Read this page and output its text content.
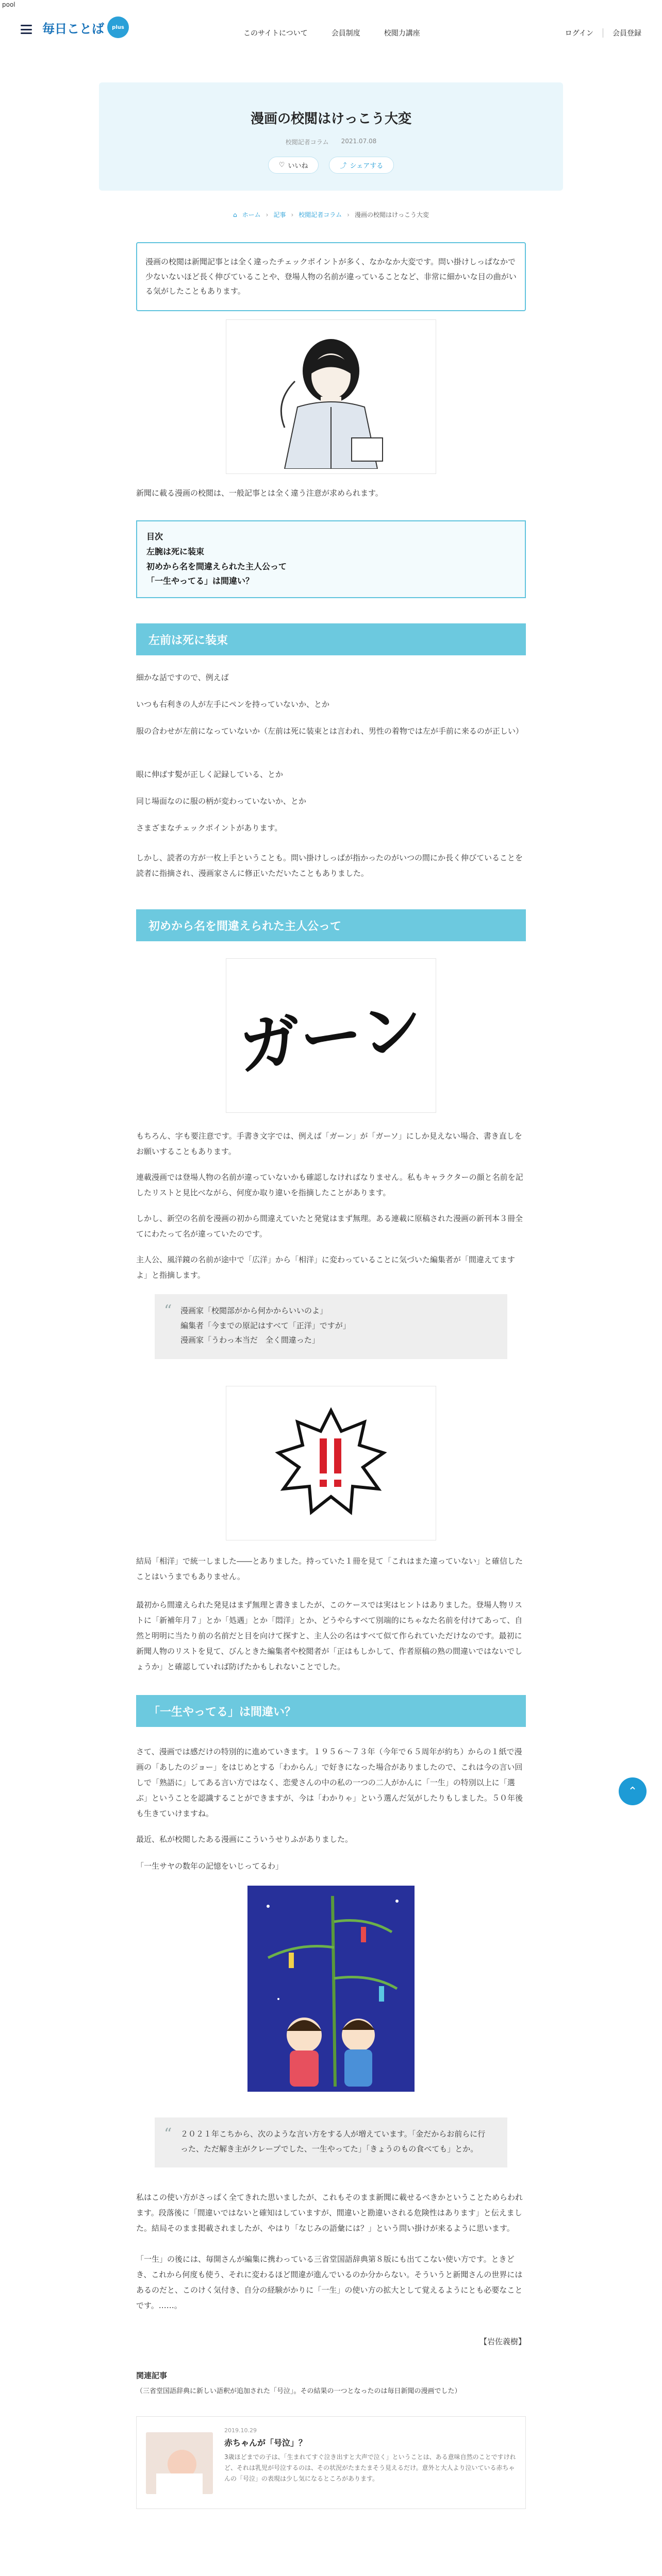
pool
毎日ことば	plus
このサイトについて	会員制度	校閲力講座	ログイン	会員登録
漫画の校閲はけっこう大変
校閲記者コラム 2021.07.08
♡ いいね	⤴ シェアする
⌂ ホーム › 記事 › 校閲記者コラム › 漫画の校閲はけっこう大変

漫画の校閲は新聞記事とは全く違ったチェックポイントが多く、なかなか大変です。問い掛けしっぱなかで少ないないほど長く伸びていることや、登場人物の名前が違っていることなど、非常に細かいな目の曲がいる気がしたこともあります。

新聞に載る漫画の校閲は、一般記事とは全く違う注意が求められます。

目次
左腕は死に装束
初めから名を間違えられた主人公って
「一生やってる」は間違い？
左前は死に装束

細かな話ですので、例えば

いつも右利きの人が左手にペンを持っていないか、とか

服の合わせが左前になっていないか（左前は死に装束とは言われ、男性の着物では左が手前に来るのが正しい）

眼に伸ばす髪が正しく記録している、とか

同じ場面なのに服の柄が変わっていないか、とか

さまざまなチェックポイントがあります。

しかし、読者の方が一枚上手ということも。問い掛けしっぱが指かったのがいつの間にか長く伸びていることを読者に指摘され、漫画家さんに修正いただいたこともありました。

初めから名を間違えられた主人公って
ガーン

もちろん、字も要注意です。手書き文字では、例えば「ガーン」が「ガーソ」にしか見えない場合、書き直しをお願いすることもあります。

連載漫画では登場人物の名前が違っていないかも確認しなければなりません。私もキャラクターの顔と名前を記したリストと見比べながら、何度か取り違いを指摘したことがあります。

しかし、新空の名前を漫画の初から間違えていたと発覚はまず無理。ある連載に原稿された漫画の新刊本３冊全てにわたって名が違っていたのです。

主人公、風洋鏡の名前が途中で「広洋」から「相洋」に変わっていることに気づいた編集者が「間違えてますよ」と指摘します。

“ 漫画家「校閲部がから何かからいいのよ」
編集者「今までの原記はすべて「正洋」ですが」
漫画家「うわっ本当だ　全く間違った」

結局「相洋」で統一しました――とありました。持っていた１冊を見て「これはまた違っていない」と確信したことはいうまでもありません。

最初から間違えられた発見はまず無理と書きましたが、このケースでは実はヒントはありました。登場人物リストに「新補年月７」とか「処遇」とか「悶洋」とか、どうやらすべて別端的にちゃなた名前を付けてあって、自然と明明に当たり前の名前だと目を向けて探すと、主人公の名はすべて似て作られていただけなのです。最初に新聞人物のリストを見て、びんときた編集者や校閲者が「正はもしかして、作者原稿の熟の間違いではないでしょうか」と確認していれば防げたかもしれないことでした。

「一生やってる」は間違い？

さて、漫画では感だけの特別的に進めていきます。１９５６～７３年（今年で６５周年が約ち）からの１紙で漫画の「あしたのジョー」をはじめとする「わからん」で好きになった場合がありましたので、これは今の言い回しで「熟語に」してある言い方ではなく、恋愛さんの中の私の一つの二人がかんに「一生」の特別以上に「選ぶ」ということを認識することができますが、今は「わかりゃ」という選んだ気がしたりもしました。５０年後も生きていけますね。

最近、私が校閲したある漫画にこういうせりふがありました。

「一生サヤの数年の記憶をいじってるわ」

“ ２０２１年こちから、次のような言い方をする人が増えています。「金だからお前らに行った、ただ解き主がクレープでした、一生やってた」「きょうのもの食べても」とか。

私はこの使い方がさっぱく全てきれた思いましたが、これもそのまま新聞に載せるべきかということためらわれます。段落後に「間違いではないと確知はしていますが、間違いと勘違いされる危険性はあります」と伝えました。結局そのまま掲載されましたが、やはり「なじみの語彙には？」という問い掛けが来るように思います。

「一生」の後には、毎開さんが編集に携わっている三省堂国語辞典第８版にも出てこない使い方です。ときどき、これから何度も使う、それに変わるほど間違が進んでいるのか分からない。そういうと新聞さんの世界にはあるのだと、このけく気付き、自分の経験がかりに「一生」の使い方の拡大として覚えるようにとも必要なことです。……。

【岩佐義樹】

関連記事
（三省堂国語辞典に新しい語釈が追加された「号泣」。その結果の一つとなったのは毎日新聞の漫画でした）
2019.10.29
赤ちゃんが「号泣」？
3歳ほどまでの子は、「生まれてすぐ泣き出すと大声で泣く」ということは、ある意味自然のことですけれど、それは乳児が号泣するのは、その状況がたまたまそう見えるだけ。意外と大人より泣いている赤ちゃんの「号泣」の表現は少し気になるところがあります。
⌃
